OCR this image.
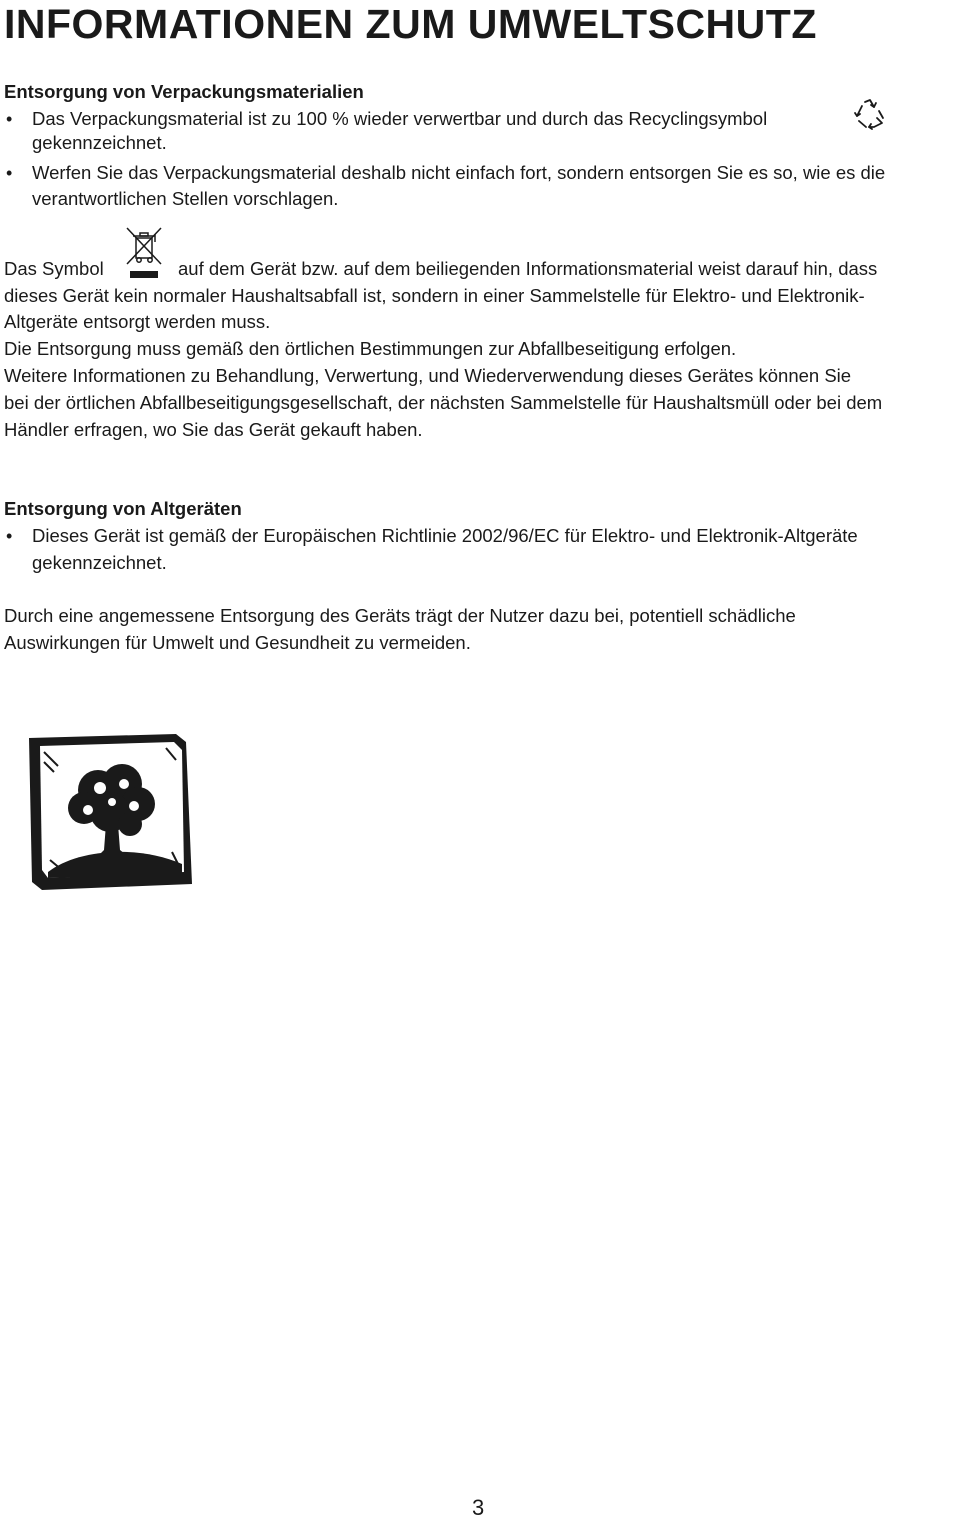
INFORMATIONEN ZUM UMWELTSCHUTZ
Entsorgung von Verpackungsmaterialien
• Das Verpackungsmaterial ist zu 100 % wieder verwertbar und durch das Recyclingsymbol

gekennzeichnet.

• Werfen Sie das Verpackungsmaterial deshalb nicht einfach fort, sondern entsorgen Sie es so, wie es die

verantwortlichen Stellen vorschlagen.

Das Symbol	auf dem Gerät bzw. auf dem beiliegenden Informationsmaterial weist darauf hin, dass

dieses Gerät kein normaler Haushaltsabfall ist, sondern in einer Sammelstelle für Elektro- und Elektronik-

Altgeräte entsorgt werden muss.

Die Entsorgung muss gemäß den örtlichen Bestimmungen zur Abfallbeseitigung erfolgen.

Weitere Informationen zu Behandlung, Verwertung, und Wiederverwendung dieses Gerätes können Sie

bei der örtlichen Abfallbeseitigungsgesellschaft, der nächsten Sammelstelle für Haushaltsmüll oder bei dem

Händler erfragen, wo Sie das Gerät gekauft haben.

Entsorgung von Altgeräten
• Dieses Gerät ist gemäß der Europäischen Richtlinie 2002/96/EC für Elektro- und Elektronik-Altgeräte

gekennzeichnet.

Durch eine angemessene Entsorgung des Geräts trägt der Nutzer dazu bei, potentiell schädliche

Auswirkungen für Umwelt und Gesundheit zu vermeiden.

3
